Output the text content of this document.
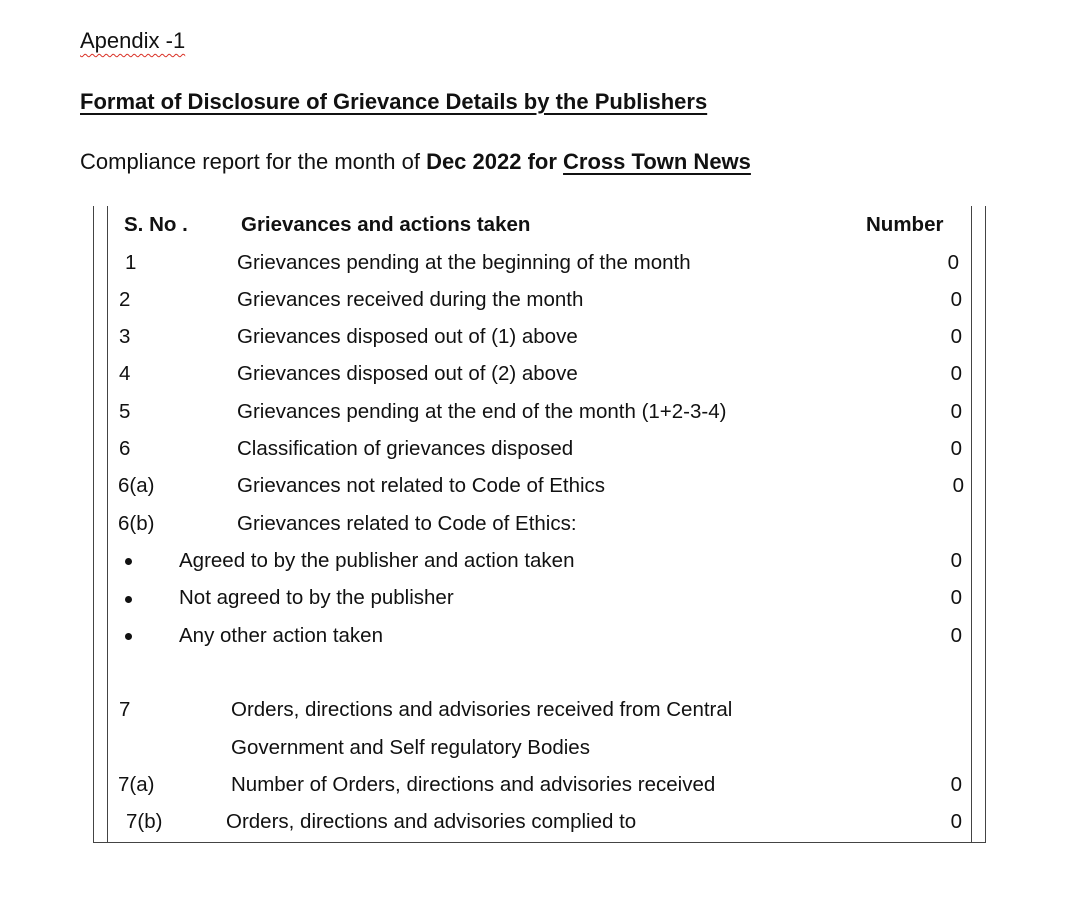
Apendix -1
Format of Disclosure of Grievance Details by the Publishers
Compliance report for the month of Dec 2022 for Cross Town News
S. No .	Grievances and actions taken	Number
1	Grievances pending at the beginning of the month	0
2	Grievances received during the month	0
3	Grievances disposed out of (1) above	0
4	Grievances disposed out of (2) above	0
5	Grievances pending at the end of the month (1+2-3-4)	0
6	Classification of grievances disposed	0
6(a)	Grievances not related to Code of Ethics	0
6(b)	Grievances related to Code of Ethics:
Agreed to by the publisher and action taken	0
Not agreed to by the publisher	0
Any other action taken	0
7	Orders, directions and advisories received from Central
Government and Self regulatory Bodies
7(a)	Number of Orders, directions and advisories received	0
7(b)	Orders, directions and advisories complied to	0
